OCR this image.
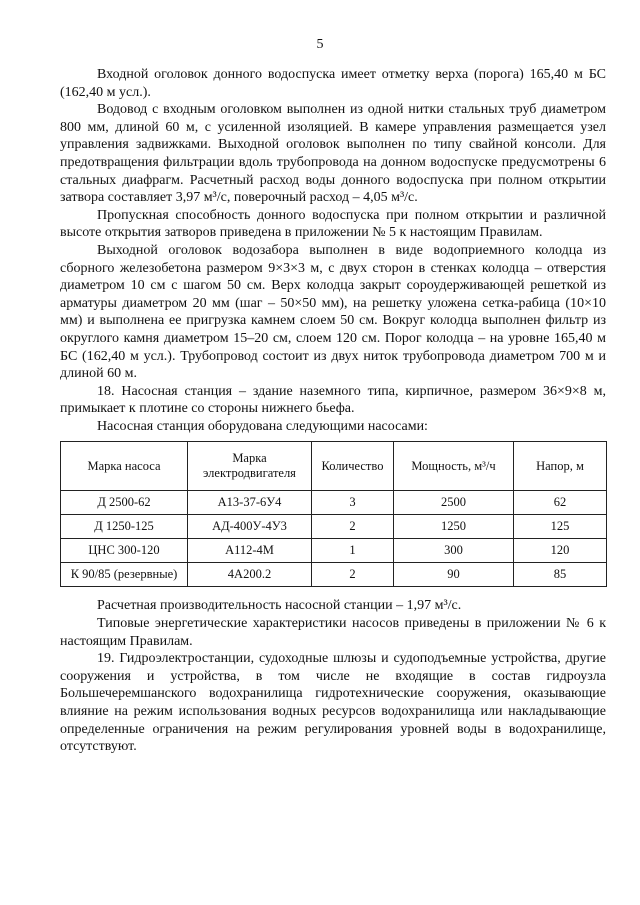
5

Входной оголовок донного водоспуска имеет отметку верха (порога) 165,40 м БС (162,40 м усл.).

Водовод с входным оголовком выполнен из одной нитки стальных труб диаметром 800 мм, длиной 60 м, с усиленной изоляцией. В камере управления размещается узел управления задвижками. Выходной оголовок выполнен по типу свайной консоли. Для предотвращения фильтрации вдоль трубопровода на донном водоспуске предусмотрены 6 стальных диафрагм. Расчетный расход воды донного водоспуска при полном открытии затвора составляет 3,97 м³/с, поверочный расход – 4,05 м³/с.

Пропускная способность донного водоспуска при полном открытии и различной высоте открытия затворов приведена в приложении № 5 к настоящим Правилам.

Выходной оголовок водозабора выполнен в виде водоприемного колодца из сборного железобетона размером 9×3×3 м, с двух сторон в стенках колодца – отверстия диаметром 10 см с шагом 50 см. Верх колодца закрыт сороудерживающей решеткой из арматуры диаметром 20 мм (шаг – 50×50 мм), на решетку уложена сетка-рабица (10×10 мм) и выполнена ее пригрузка камнем слоем 50 см. Вокруг колодца выполнен фильтр из округлого камня диаметром 15–20 см, слоем 120 см. Порог колодца – на уровне 165,40 м БС (162,40 м усл.). Трубопровод состоит из двух ниток трубопровода диаметром 700 м и длиной 60 м.

18. Насосная станция – здание наземного типа, кирпичное, размером 36×9×8 м, примыкает к плотине со стороны нижнего бьефа.

Насосная станция оборудована следующими насосами:

Марка насоса	Марка электродвигателя	Количество	Мощность, м³/ч	Напор, м
Д 2500-62	А13-37-6У4	3	2500	62
Д 1250-125	АД-400У-4У3	2	1250	125
ЦНС 300-120	А112-4М	1	300	120
К 90/85 (резервные)	4А200.2	2	90	85

Расчетная производительность насосной станции – 1,97 м³/с.

Типовые энергетические характеристики насосов приведены в приложении № 6 к настоящим Правилам.

19. Гидроэлектростанции, судоходные шлюзы и судоподъемные устройства, другие сооружения и устройства, в том числе не входящие в состав гидроузла Большечеремшанского водохранилища гидротехнические сооружения, оказывающие влияние на режим использования водных ресурсов водохранилища или накладывающие определенные ограничения на режим регулирования уровней воды в водохранилище, отсутствуют.
